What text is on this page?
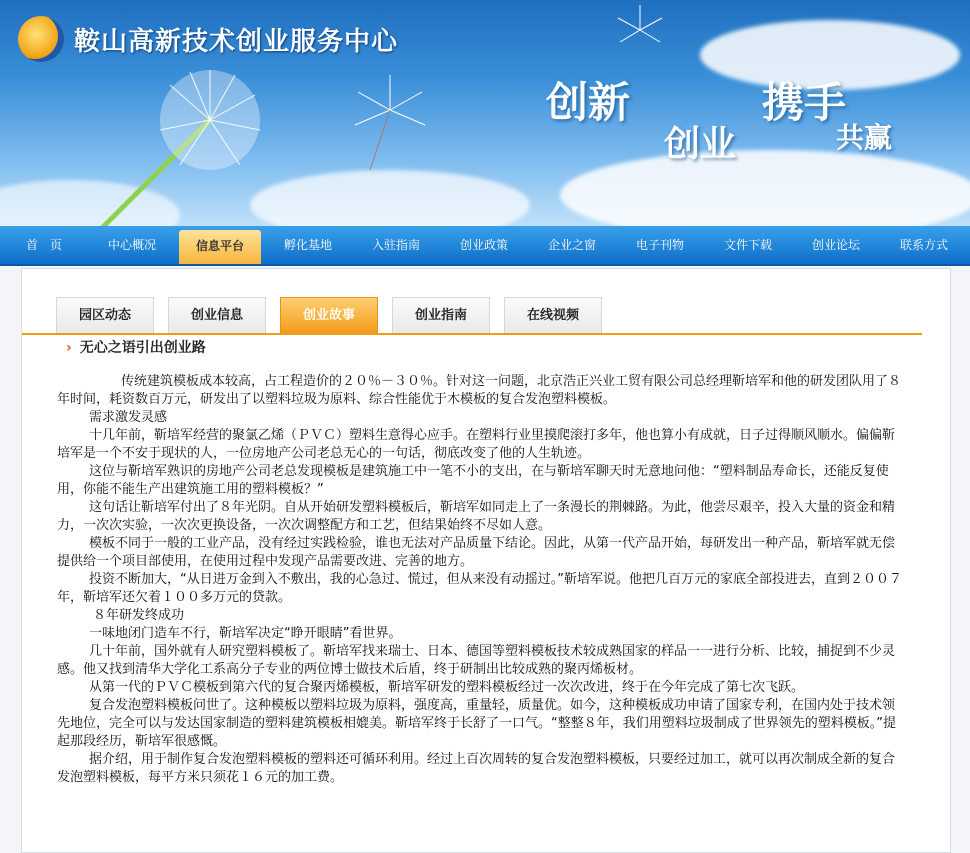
鞍山高新技术创业服务中心
创新	携手
创业	共赢
首　页	中心概况	信息平台	孵化基地	入驻指南	创业政策	企业之窗	电子刊物	文件下载	创业论坛	联系方式
园区动态	创业信息	创业故事	创业指南	在线视频
› 无心之语引出创业路

传统建筑模板成本较高，占工程造价的２０％－３０％。针对这一问题，北京浩正兴业工贸有限公司总经理靳培军和他的研发团队用了８年时间，耗资数百万元，研发出了以塑料垃圾为原料、综合性能优于木模板的复合发泡塑料模板。

需求激发灵感

十几年前，靳培军经营的聚氯乙烯（ＰＶＣ）塑料生意得心应手。在塑料行业里摸爬滚打多年，他也算小有成就，日子过得顺风顺水。偏偏靳培军是一个不安于现状的人，一位房地产公司老总无心的一句话，彻底改变了他的人生轨迹。

这位与靳培军熟识的房地产公司老总发现模板是建筑施工中一笔不小的支出，在与靳培军聊天时无意地问他：“塑料制品寿命长，还能反复使用，你能不能生产出建筑施工用的塑料模板？”

这句话让靳培军付出了８年光阴。自从开始研发塑料模板后，靳培军如同走上了一条漫长的荆棘路。为此，他尝尽艰辛，投入大量的资金和精力，一次次实验，一次次更换设备，一次次调整配方和工艺，但结果始终不尽如人意。

模板不同于一般的工业产品，没有经过实践检验，谁也无法对产品质量下结论。因此，从第一代产品开始，每研发出一种产品，靳培军就无偿提供给一个项目部使用，在使用过程中发现产品需要改进、完善的地方。

投资不断加大，“从日进万金到入不敷出，我的心急过、慌过，但从来没有动摇过。”靳培军说。他把几百万元的家底全部投进去，直到２００７年，靳培军还欠着１００多万元的贷款。

８年研发终成功

一味地闭门造车不行，靳培军决定“睁开眼睛”看世界。

几十年前，国外就有人研究塑料模板了。靳培军找来瑞士、日本、德国等塑料模板技术较成熟国家的样品一一进行分析、比较，捕捉到不少灵感。他又找到清华大学化工系高分子专业的两位博士做技术后盾，终于研制出比较成熟的聚丙烯板材。

从第一代的ＰＶＣ模板到第六代的复合聚丙烯模板，靳培军研发的塑料模板经过一次次改进，终于在今年完成了第七次飞跃。

复合发泡塑料模板问世了。这种模板以塑料垃圾为原料，强度高，重量轻，质量优。如今，这种模板成功申请了国家专利，在国内处于技术领先地位，完全可以与发达国家制造的塑料建筑模板相媲美。靳培军终于长舒了一口气。“整整８年，我们用塑料垃圾制成了世界领先的塑料模板。”提起那段经历，靳培军很感慨。

据介绍，用于制作复合发泡塑料模板的塑料还可循环利用。经过上百次周转的复合发泡塑料模板，只要经过加工，就可以再次制成全新的复合发泡塑料模板，每平方米只须花１６元的加工费。
